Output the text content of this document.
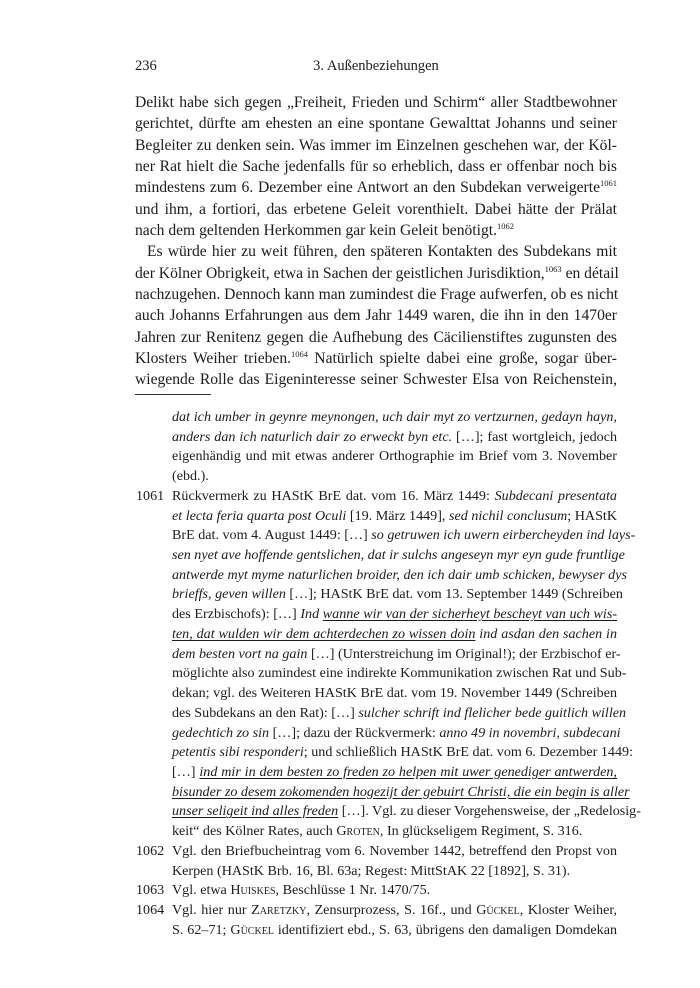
236	3. Außenbeziehungen
Delikt habe sich gegen „Freiheit, Frieden und Schirm“ aller Stadtbewohner
gerichtet, dürfte am ehesten an eine spontane Gewalttat Johanns und seiner
Begleiter zu denken sein. Was immer im Einzelnen geschehen war, der Köl-
ner Rat hielt die Sache jedenfalls für so erheblich, dass er offenbar noch bis
mindestens zum 6. Dezember eine Antwort an den Subdekan verweigerte$^{1061}$
und ihm, a fortiori, das erbetene Geleit vorenthielt. Dabei hätte der Prälat
nach dem geltenden Herkommen gar kein Geleit benötigt.$^{1062}$
Es würde hier zu weit führen, den späteren Kontakten des Subdekans mit
der Kölner Obrigkeit, etwa in Sachen der geistlichen Jurisdiktion,$^{1063}$ en détail
nachzugehen. Dennoch kann man zumindest die Frage aufwerfen, ob es nicht
auch Johanns Erfahrungen aus dem Jahr 1449 waren, die ihn in den 1470er
Jahren zur Renitenz gegen die Aufhebung des Cäcilienstiftes zugunsten des
Klosters Weiher trieben.$^{1064}$ Natürlich spielte dabei eine große, sogar über-
wiegende Rolle das Eigeninteresse seiner Schwester Elsa von Reichenstein,
dat ich umber in geynre meynongen, uch dair myt zo vertzurnen, gedayn hayn,
anders dan ich naturlich dair zo erweckt byn etc. […]; fast wortgleich, jedoch
eigenhändig und mit etwas anderer Orthographie im Brief vom 3. November
(ebd.).
1061 Rückvermerk zu HAStK BrE dat. vom 16. März 1449: Subdecani presentata
et lecta feria quarta post Oculi [19. März 1449], sed nichil conclusum; HAStK
BrE dat. vom 4. August 1449: […] so getruwen ich uwern eirbercheyden ind lays-
sen nyet ave hoffende gentslichen, dat ir sulchs angeseyn myr eyn gude fruntlige
antwerde myt myme naturlichen broider, den ich dair umb schicken, bewyser dys
brieffs, geven willen […]; HAStK BrE dat. vom 13. September 1449 (Schreiben
des Erzbischofs): […] Ind wanne wir van der sicherheyt bescheyt van uch wis-
ten, dat wulden wir dem achterdechen zo wissen doin ind asdan den sachen in
dem besten vort na gain […] (Unterstreichung im Original!); der Erzbischof er-
möglichte also zumindest eine indirekte Kommunikation zwischen Rat und Sub-
dekan; vgl. des Weiteren HAStK BrE dat. vom 19. November 1449 (Schreiben
des Subdekans an den Rat): […] sulcher schrift ind flelicher bede guitlich willen
gedechtich zo sin […]; dazu der Rückvermerk: anno 49 in novembri, subdecani
petentis sibi responderi; und schließlich HAStK BrE dat. vom 6. Dezember 1449:
[…] ind mir in dem besten zo freden zo helpen mit uwer genediger antwerden,
bisunder zo desem zokomenden hogezijt der gebuirt Christi, die ein begin is aller
unser seligeit ind alles freden […]. Vgl. zu dieser Vorgehensweise, der „Redelosig-
keit“ des Kölner Rates, auch Groten, In glückseligem Regiment, S. 316.
1062 Vgl. den Briefbucheintrag vom 6. November 1442, betreffend den Propst von
Kerpen (HAStK Brb. 16, Bl. 63a; Regest: MittStAK 22 [1892], S. 31).
1063 Vgl. etwa Huiskes, Beschlüsse 1 Nr. 1470/75.
1064 Vgl. hier nur Zaretzky, Zensurprozess, S. 16f., und Gückel, Kloster Weiher,
S. 62–71; Gückel identifiziert ebd., S. 63, übrigens den damaligen Domdekan
